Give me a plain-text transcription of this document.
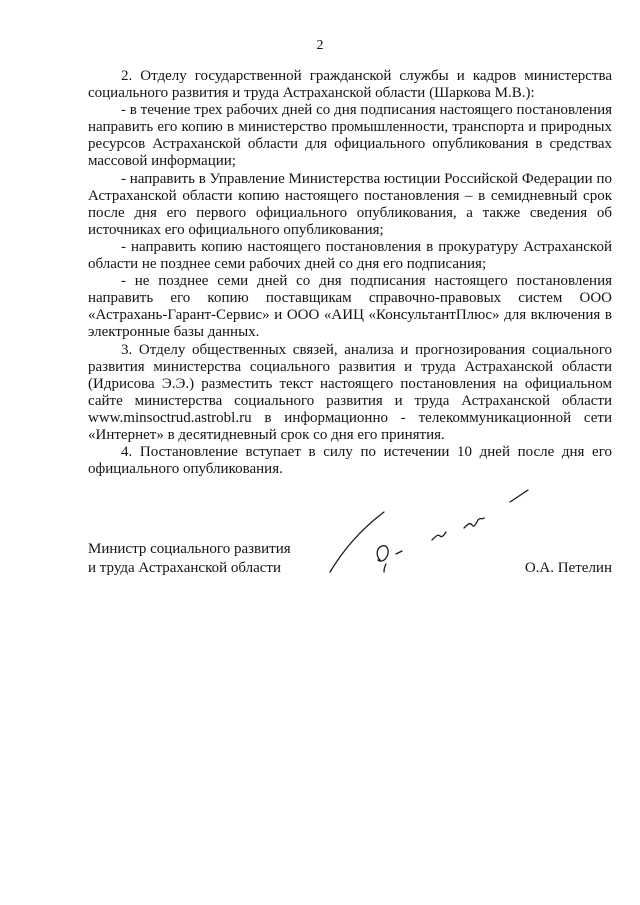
2

2. Отделу государственной гражданской службы и кадров министерства социального развития и труда Астраханской области (Шаркова М.В.):

- в течение трех рабочих дней со дня подписания настоящего постановления направить его копию в министерство промышленности, транспорта и природных ресурсов Астраханской области для официального опубликования в средствах массовой информации;

- направить в Управление Министерства юстиции Российской Федерации по Астраханской области копию настоящего постановления – в семидневный срок после дня его первого официального опубликования, а также сведения об источниках его официального опубликования;

- направить копию настоящего постановления в прокуратуру Астраханской области не позднее семи рабочих дней со дня его подписания;

- не позднее семи дней со дня подписания настоящего постановления направить его копию поставщикам справочно-правовых систем ООО «Астрахань-Гарант-Сервис» и ООО «АИЦ «КонсультантПлюс» для включения в электронные базы данных.

3. Отделу общественных связей, анализа и прогнозирования социального развития министерства социального развития и труда Астраханской области (Идрисова Э.Э.) разместить текст настоящего постановления на официальном сайте министерства социального развития и труда Астраханской области www.minsoctrud.astrobl.ru в информационно - телекоммуникационной сети «Интернет» в десятидневный срок со дня его принятия.

4. Постановление вступает в силу по истечении 10 дней после дня его официального опубликования.

Министр социального развития
и труда Астраханской области	О.А. Петелин
